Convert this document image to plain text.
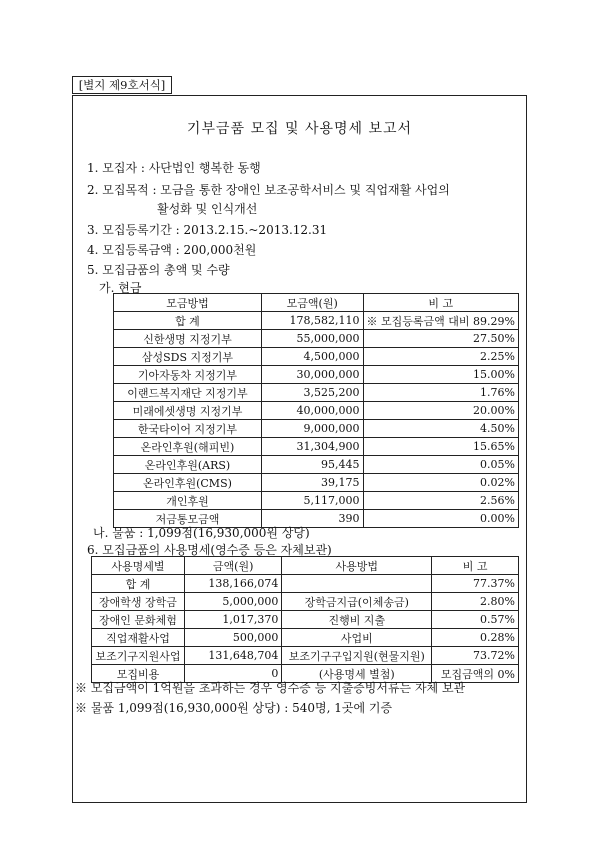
[별지 제9호서식]
기부금품 모집 및 사용명세 보고서
1. 모집자 : 사단법인 행복한 동행
2. 모집목적 : 모금을 통한 장애인 보조공학서비스 및 직업재활 사업의
활성화 및 인식개선
3. 모집등록기간 : 2013.2.15.~2013.12.31
4. 모집등록금액 : 200,000천원
5. 모집금품의 총액 및 수량
가. 현금
모금방법	모금액(원)	비 고
합 계	178,582,110	※ 모집등록금액 대비 89.29%
신한생명 지정기부	55,000,000	27.50%
삼성SDS 지정기부	4,500,000	2.25%
기아자동차 지정기부	30,000,000	15.00%
이랜드복지재단 지정기부	3,525,200	1.76%
미래에셋생명 지정기부	40,000,000	20.00%
한국타이어 지정기부	9,000,000	4.50%
온라인후원(해피빈)	31,304,900	15.65%
온라인후원(ARS)	95,445	0.05%
온라인후원(CMS)	39,175	0.02%
개인후원	5,117,000	2.56%
저금통모금액	390	0.00%
나. 물품 : 1,099점(16,930,000원 상당)
6. 모집금품의 사용명세(영수증 등은 자체보관)
사용명세별	금액(원)	사용방법	비 고
합 계	138,166,074		77.37%
장애학생 장학금	5,000,000	장학금지급(이체송금)	2.80%
장애인 문화체험	1,017,370	진행비 지출	0.57%
직업재활사업	500,000	사업비	0.28%
보조기구지원사업	131,648,704	보조기구구입지원(현물지원)	73.72%
모집비용	0	(사용명세 별첨)	모집금액의 0%
※ 모집금액이 1억원을 초과하는 경우 영수증 등 지출증빙서류는 자체 보관
※ 물품 1,099점(16,930,000원 상당) : 540명, 1곳에 기증
